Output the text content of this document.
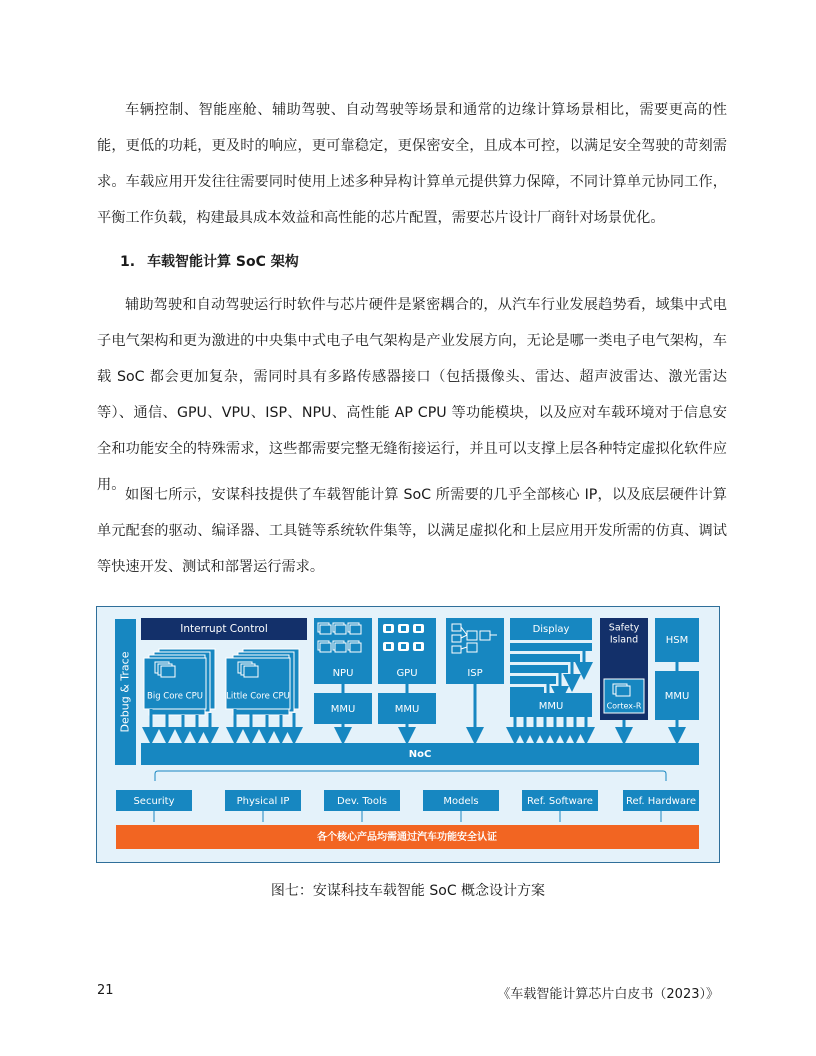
车辆控制、智能座舱、辅助驾驶、自动驾驶等场景和通常的边缘计算场景相比，需要更高的性能，更低的功耗，更及时的响应，更可靠稳定，更保密安全，且成本可控，以满足安全驾驶的苛刻需求。车载应用开发往往需要同时使用上述多种异构计算单元提供算力保障，不同计算单元协同工作，平衡工作负载，构建最具成本效益和高性能的芯片配置，需要芯片设计厂商针对场景优化。

1. 车载智能计算 SoC 架构

辅助驾驶和自动驾驶运行时软件与芯片硬件是紧密耦合的，从汽车行业发展趋势看，域集中式电子电气架构和更为激进的中央集中式电子电气架构是产业发展方向，无论是哪一类电子电气架构，车载 SoC 都会更加复杂，需同时具有多路传感器接口（包括摄像头、雷达、超声波雷达、激光雷达等）、通信、GPU、VPU、ISP、NPU、高性能 AP CPU 等功能模块，以及应对车载环境对于信息安全和功能安全的特殊需求，这些都需要完整无缝衔接运行，并且可以支撑上层各种特定虚拟化软件应用。

如图七所示，安谋科技提供了车载智能计算 SoC 所需要的几乎全部核心 IP，以及底层硬件计算单元配套的驱动、编译器、工具链等系统软件集等，以满足虚拟化和上层应用开发所需的仿真、调试等快速开发、测试和部署运行需求。

Debug & Trace
Interrupt Control
Big Core CPU	Little Core CPU
NPU
MMU
GPU
MMU
ISP
Display
MMU
Safety
Island
Cortex-R
HSM
MMU
NoC
Security	Physical IP	Dev. Tools	Models	Ref. Software	Ref. Hardware
各个核心产品均需通过汽车功能安全认证

图七：安谋科技车载智能 SoC 概念设计方案

21	《车载智能计算芯片白皮书（2023）》
